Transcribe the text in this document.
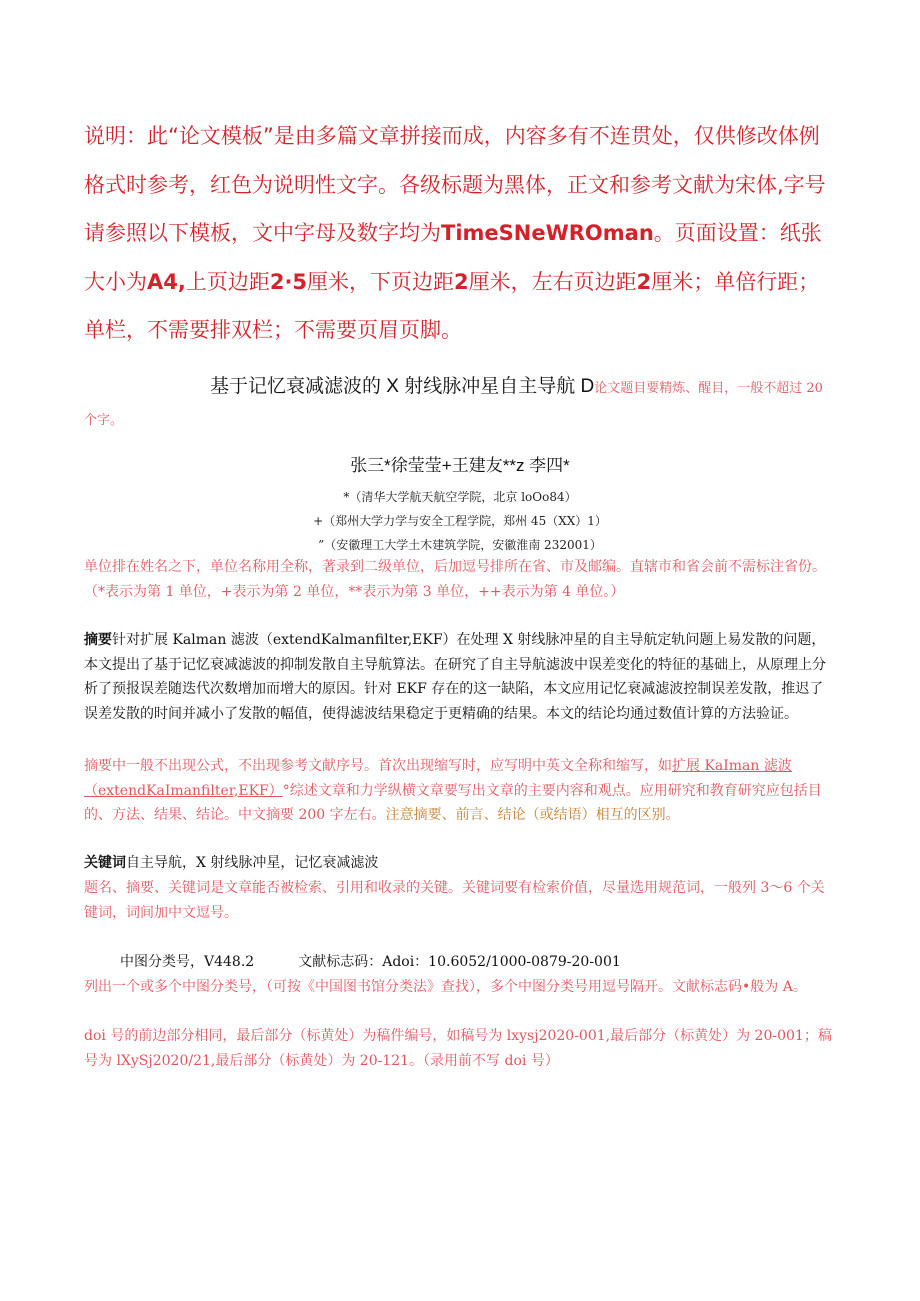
说明：此“论文模板”是由多篇文章拼接而成，内容多有不连贯处，仅供修改体例格式时参考，红色为说明性文字。各级标题为黑体，正文和参考文献为宋体,字号请参照以下模板，文中字母及数字均为TimeSNeWROman。页面设置：纸张大小为A4,上页边距2·5厘米，下页边距2厘米，左右页边距2厘米；单倍行距；单栏，不需要排双栏；不需要页眉页脚。
基于记忆衰减滤波的 X 射线脉冲星自主导航 D论文题目要精炼、醒目，一般不超过 20 个字。
张三*徐莹莹+王建友**z 李四*
*（清华大学航天航空学院，北京 loOo84）
+（郑州大学力学与安全工程学院，郑州 45（XX）1）
”（安徽理工大学土木建筑学院，安徽淮南 232001）
单位排在姓名之下，单位名称用全称，著录到二级单位，后加逗号排所在省、市及邮编。直辖市和省会前不需标注省份。（*表示为第 1 单位，+表示为第 2 单位，**表示为第 3 单位，++表示为第 4 单位。）
摘要针对扩展 Kalman 滤波（extendKalmanfilter,EKF）在处理 X 射线脉冲星的自主导航定轨问题上易发散的问题，本文提出了基于记忆衰减滤波的抑制发散自主导航算法。在研究了自主导航滤波中误差变化的特征的基础上，从原理上分析了预报误差随迭代次数增加而增大的原因。针对 EKF 存在的这一缺陷，本文应用记忆衰减滤波控制误差发散，推迟了误差发散的时间并减小了发散的幅值，使得滤波结果稳定于更精确的结果。本文的结论均通过数值计算的方法验证。
摘要中一般不出现公式，不出现参考文献序号。首次出现缩写时，应写明中英文全称和缩写，如扩展 KaIman 滤波（extendKaImanfilter,EKF）°综述文章和力学纵横文章要写出文章的主要内容和观点。应用研究和教育研究应包括目的、方法、结果、结论。中文摘要 200 字左右。注意摘要、前言、结论（或结语）相互的区别。
关键词自主导航，X 射线脉冲星，记忆衰减滤波
题名、摘要、关键词是文章能否被检索、引用和收录的关键。关键词要有检索价值，尽量选用规范词，一般列 3～6 个关键词，词间加中文逗号。
中图分类号，V448.2	文献标志码：Adoi：10.6052/1000-0879-20-001
列出一个或多个中图分类号，（可按《中国图书馆分类法》查找），多个中图分类号用逗号隔开。文献标志码•般为 A。
doi 号的前边部分相同，最后部分（标黄处）为稿件编号，如稿号为 lxysj2020-001,最后部分（标黄处）为 20-001；稿号为 lXySj2020/21,最后部分（标黄处）为 20-121。（录用前不写 doi 号）
